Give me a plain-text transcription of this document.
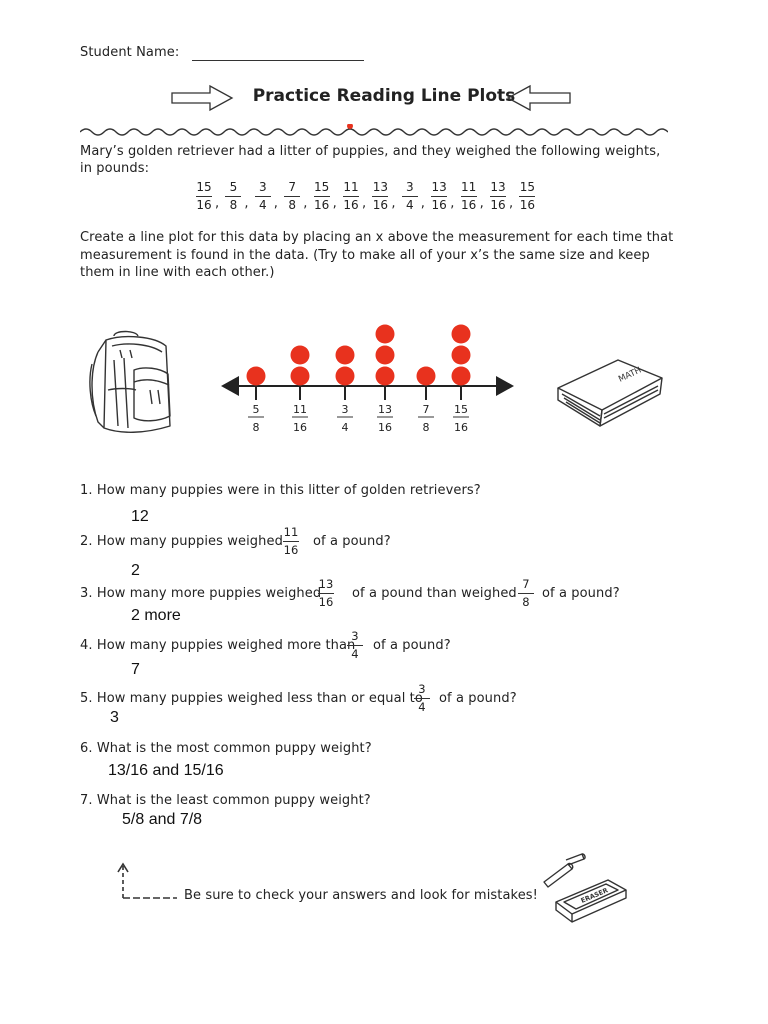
Student Name:
Practice Reading Line Plots
Mary’s golden retriever had a litter of puppies, and they weighed the following weights, in pounds:
15
16 ,
5
8 ,
3
4 ,
7
8 ,
15
16 ,
11
16 ,
13
16 ,
3
4 ,
13
16 ,
11
16 ,
13
16 ,
15
16
Create a line plot for this data by placing an x above the measurement for each time that measurement is found in the data. (Try to make all of your x’s the same size and keep them in line with each other.)
5
8
11
16
3
4
13
16
7
8
15
16
MATH
1. How many puppies were in this litter of golden retrievers?
12
2. How many puppies weighed
11
16
of a pound?
2
3. How many more puppies weighed
13
16
of a pound than weighed
7
8
of a pound?
2 more
4. How many puppies weighed more than
3
4
of a pound?
7
5. How many puppies weighed less than or equal to
3
4
of a pound?
3
6. What is the most common puppy weight?
13/16 and 15/16
7. What is the least common puppy weight?
5/8 and 7/8
Be sure to check your answers and look for mistakes!	ERASER
